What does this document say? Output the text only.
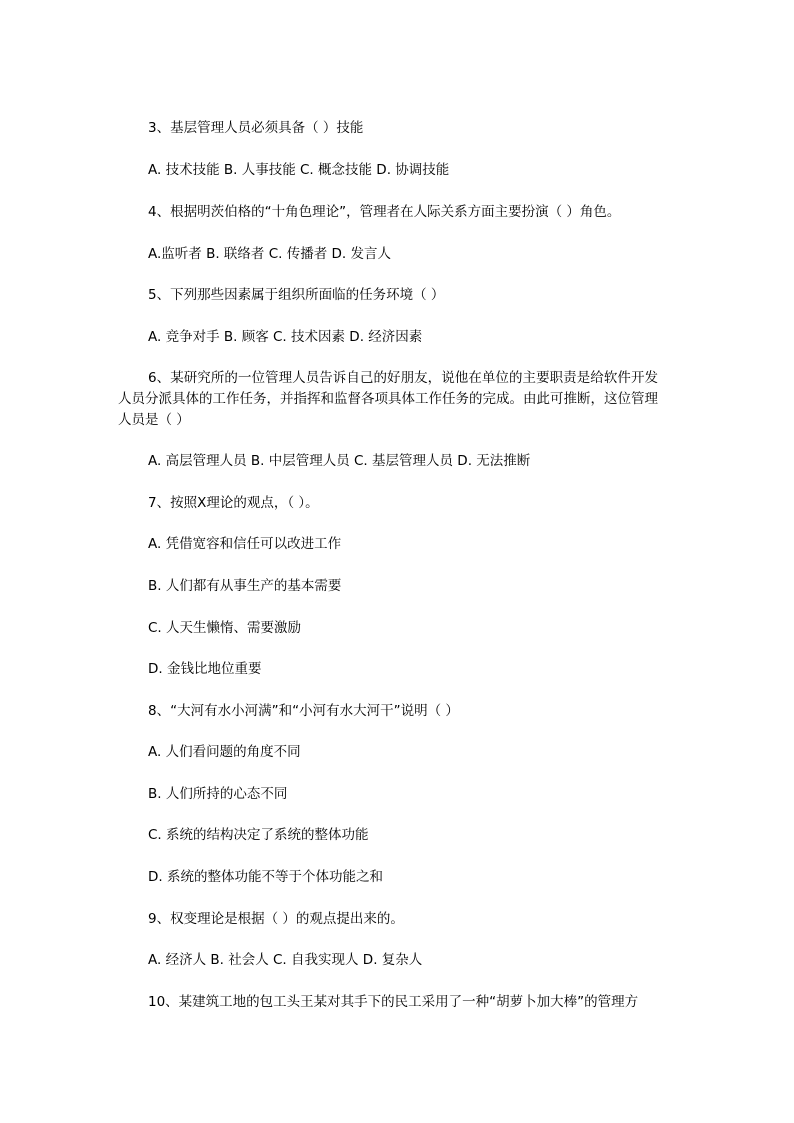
3、基层管理人员必须具备（ ）技能
A. 技术技能 B. 人事技能 C. 概念技能 D. 协调技能
4、根据明茨伯格的“十角色理论”，管理者在人际关系方面主要扮演（ ）角色。
A.监听者 B. 联络者 C. 传播者 D. 发言人
5、下列那些因素属于组织所面临的任务环境（ ）
A. 竞争对手 B. 顾客 C. 技术因素 D. 经济因素
6、某研究所的一位管理人员告诉自己的好朋友，说他在单位的主要职责是给软件开发人员分派具体的工作任务，并指挥和监督各项具体工作任务的完成。由此可推断，这位管理人员是（ ）
A. 高层管理人员 B. 中层管理人员 C. 基层管理人员 D. 无法推断
7、按照X理论的观点，（ ）。
A. 凭借宽容和信任可以改进工作
B. 人们都有从事生产的基本需要
C. 人天生懒惰、需要激励
D. 金钱比地位重要
8、“大河有水小河满”和“小河有水大河干”说明（ ）
A. 人们看问题的角度不同
B. 人们所持的心态不同
C. 系统的结构决定了系统的整体功能
D. 系统的整体功能不等于个体功能之和
9、权变理论是根据（ ）的观点提出来的。
A. 经济人 B. 社会人 C. 自我实现人 D. 复杂人
10、某建筑工地的包工头王某对其手下的民工采用了一种“胡萝卜加大棒”的管理方
